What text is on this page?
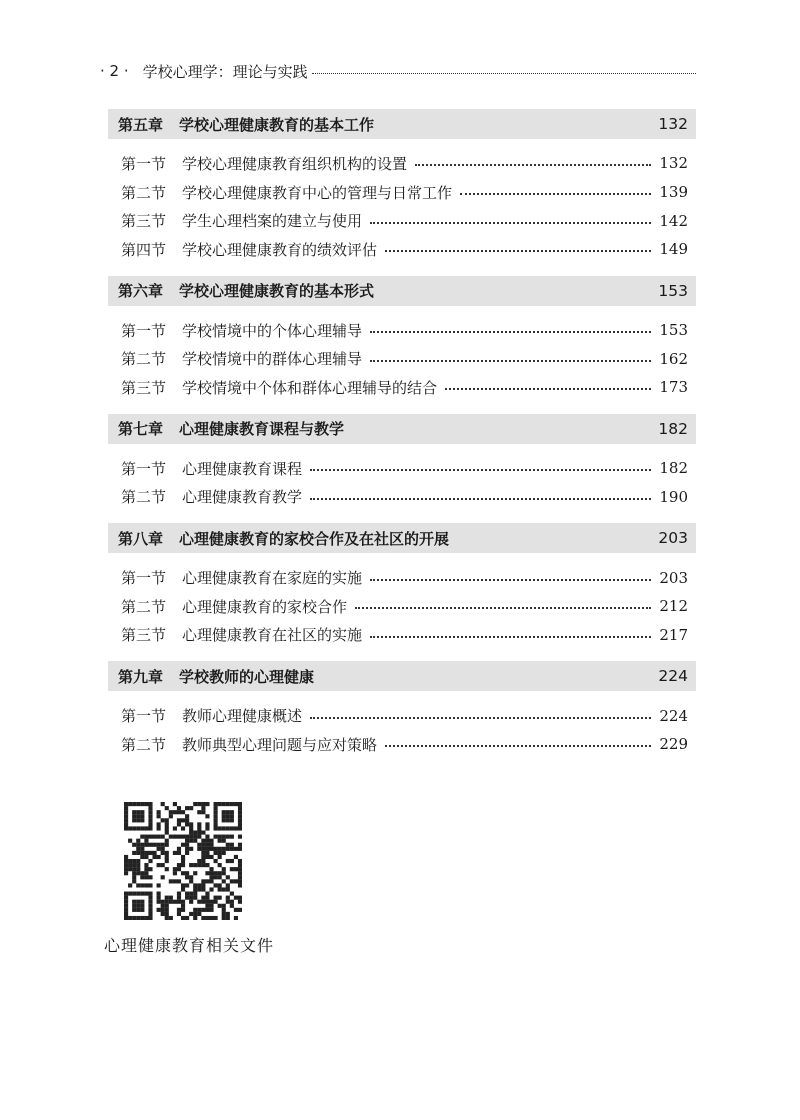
· 2 · 学校心理学：理论与实践
第五章 学校心理健康教育的基本工作	132
第一节 学校心理健康教育组织机构的设置	132
第二节 学校心理健康教育中心的管理与日常工作	139
第三节 学生心理档案的建立与使用	142
第四节 学校心理健康教育的绩效评估	149
第六章 学校心理健康教育的基本形式	153
第一节 学校情境中的个体心理辅导	153
第二节 学校情境中的群体心理辅导	162
第三节 学校情境中个体和群体心理辅导的结合	173
第七章 心理健康教育课程与教学	182
第一节 心理健康教育课程	182
第二节 心理健康教育教学	190
第八章 心理健康教育的家校合作及在社区的开展	203
第一节 心理健康教育在家庭的实施	203
第二节 心理健康教育的家校合作	212
第三节 心理健康教育在社区的实施	217
第九章 学校教师的心理健康	224
第一节 教师心理健康概述	224
第二节 教师典型心理问题与应对策略	229
心理健康教育相关文件
